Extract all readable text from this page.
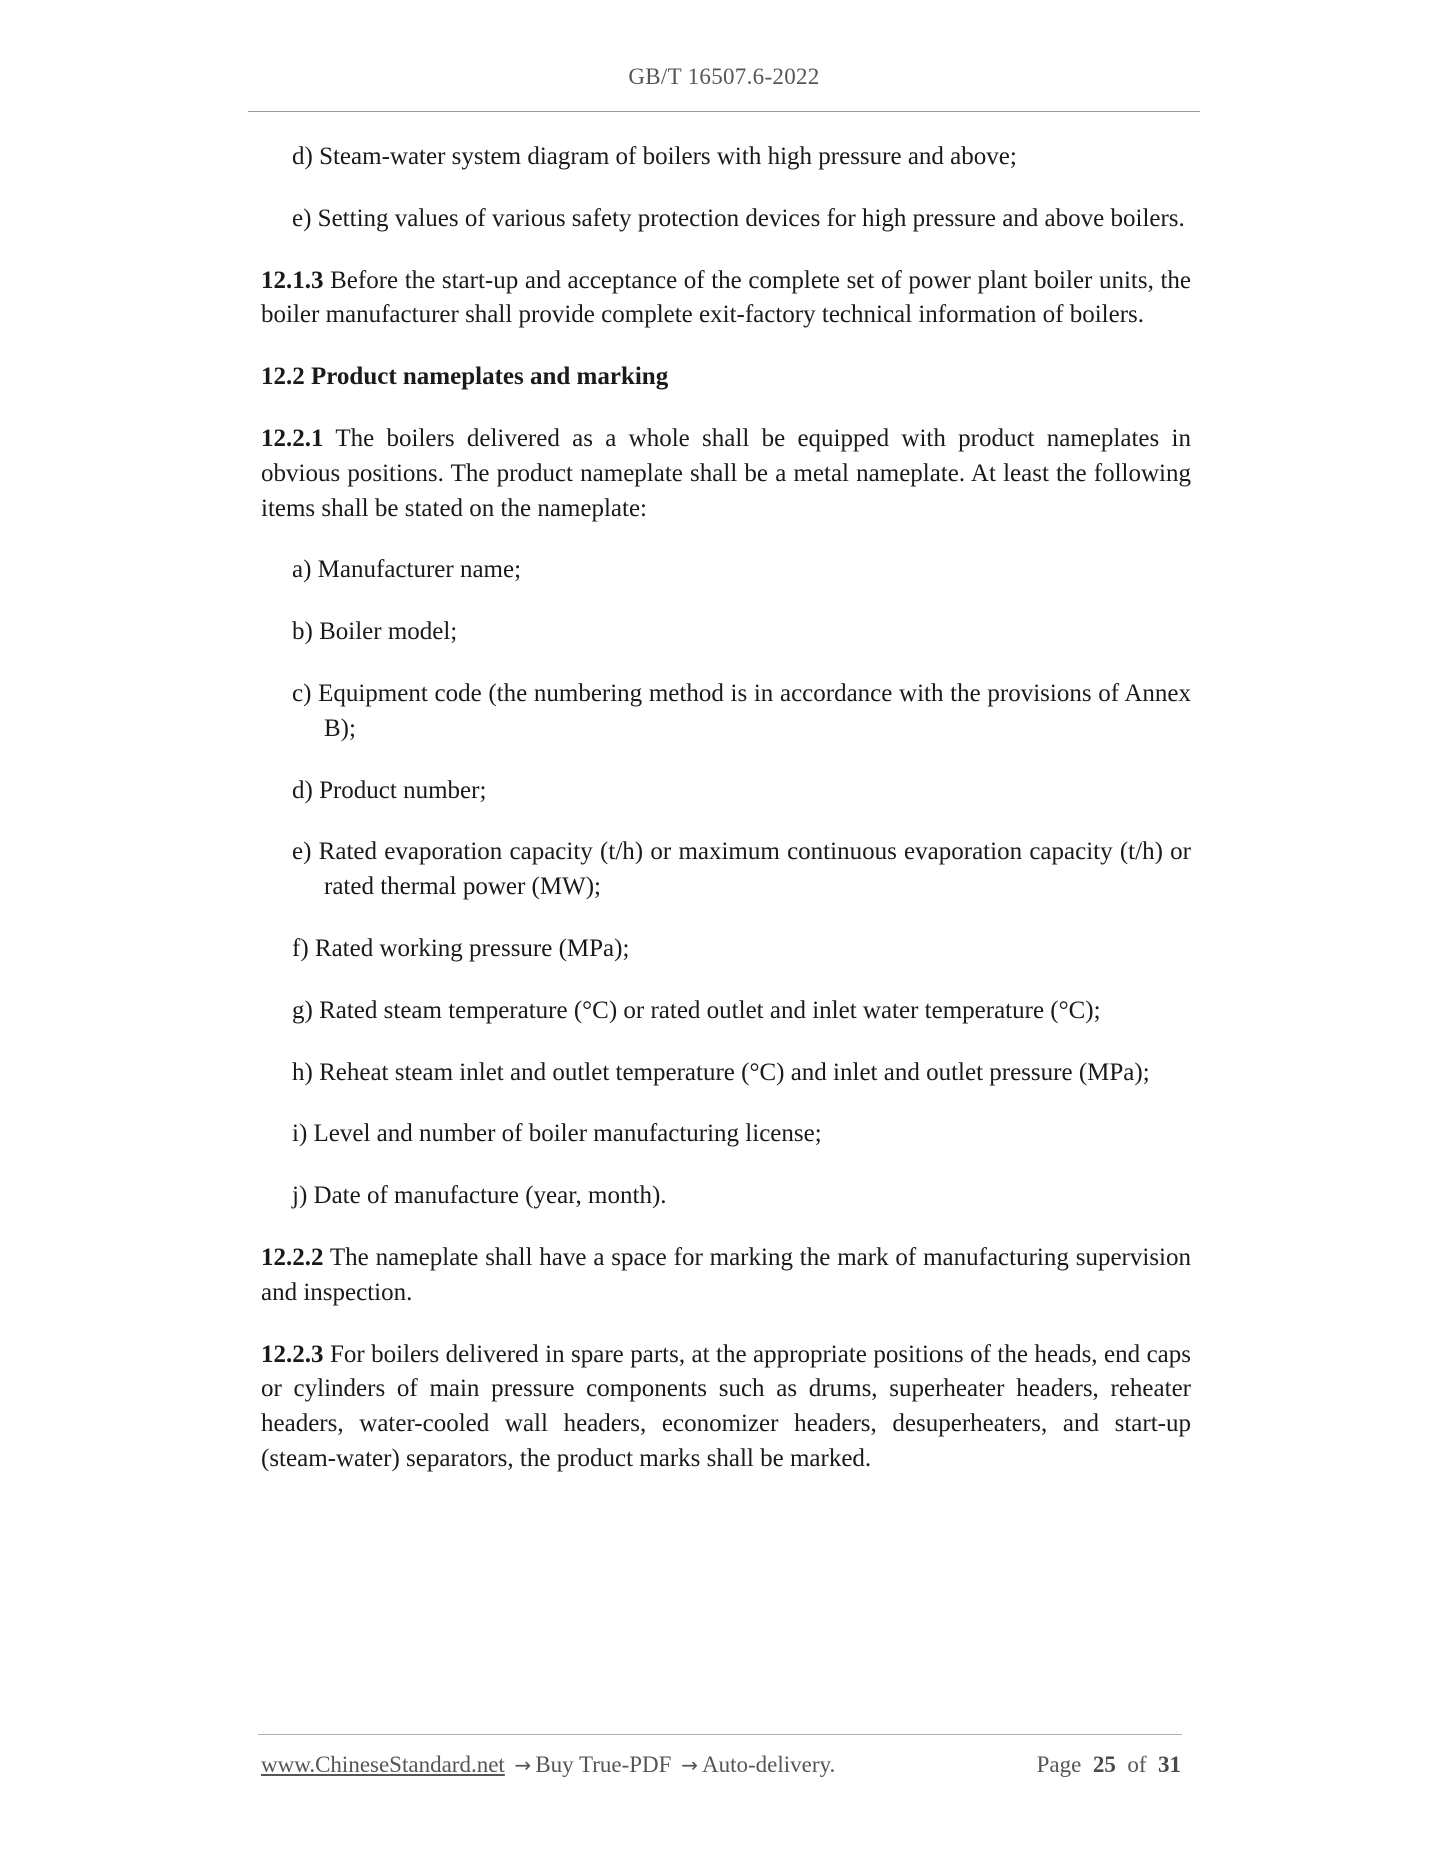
GB/T 16507.6-2022
d) Steam-water system diagram of boilers with high pressure and above;
e) Setting values of various safety protection devices for high pressure and above boilers.
12.1.3 Before the start-up and acceptance of the complete set of power plant boiler units, the boiler manufacturer shall provide complete exit-factory technical information of boilers.
12.2 Product nameplates and marking
12.2.1 The boilers delivered as a whole shall be equipped with product nameplates in obvious positions. The product nameplate shall be a metal nameplate. At least the following items shall be stated on the nameplate:
a) Manufacturer name;
b) Boiler model;
c) Equipment code (the numbering method is in accordance with the provisions of Annex B);
d) Product number;
e) Rated evaporation capacity (t/h) or maximum continuous evaporation capacity (t/h) or rated thermal power (MW);
f) Rated working pressure (MPa);
g) Rated steam temperature (°C) or rated outlet and inlet water temperature (°C);
h) Reheat steam inlet and outlet temperature (°C) and inlet and outlet pressure (MPa);
i) Level and number of boiler manufacturing license;
j) Date of manufacture (year, month).
12.2.2 The nameplate shall have a space for marking the mark of manufacturing supervision and inspection.
12.2.3 For boilers delivered in spare parts, at the appropriate positions of the heads, end caps or cylinders of main pressure components such as drums, superheater headers, reheater headers, water-cooled wall headers, economizer headers, desuperheaters, and start-up (steam-water) separators, the product marks shall be marked.
www.ChineseStandard.net → Buy True-PDF → Auto-delivery.	Page 25 of 31
